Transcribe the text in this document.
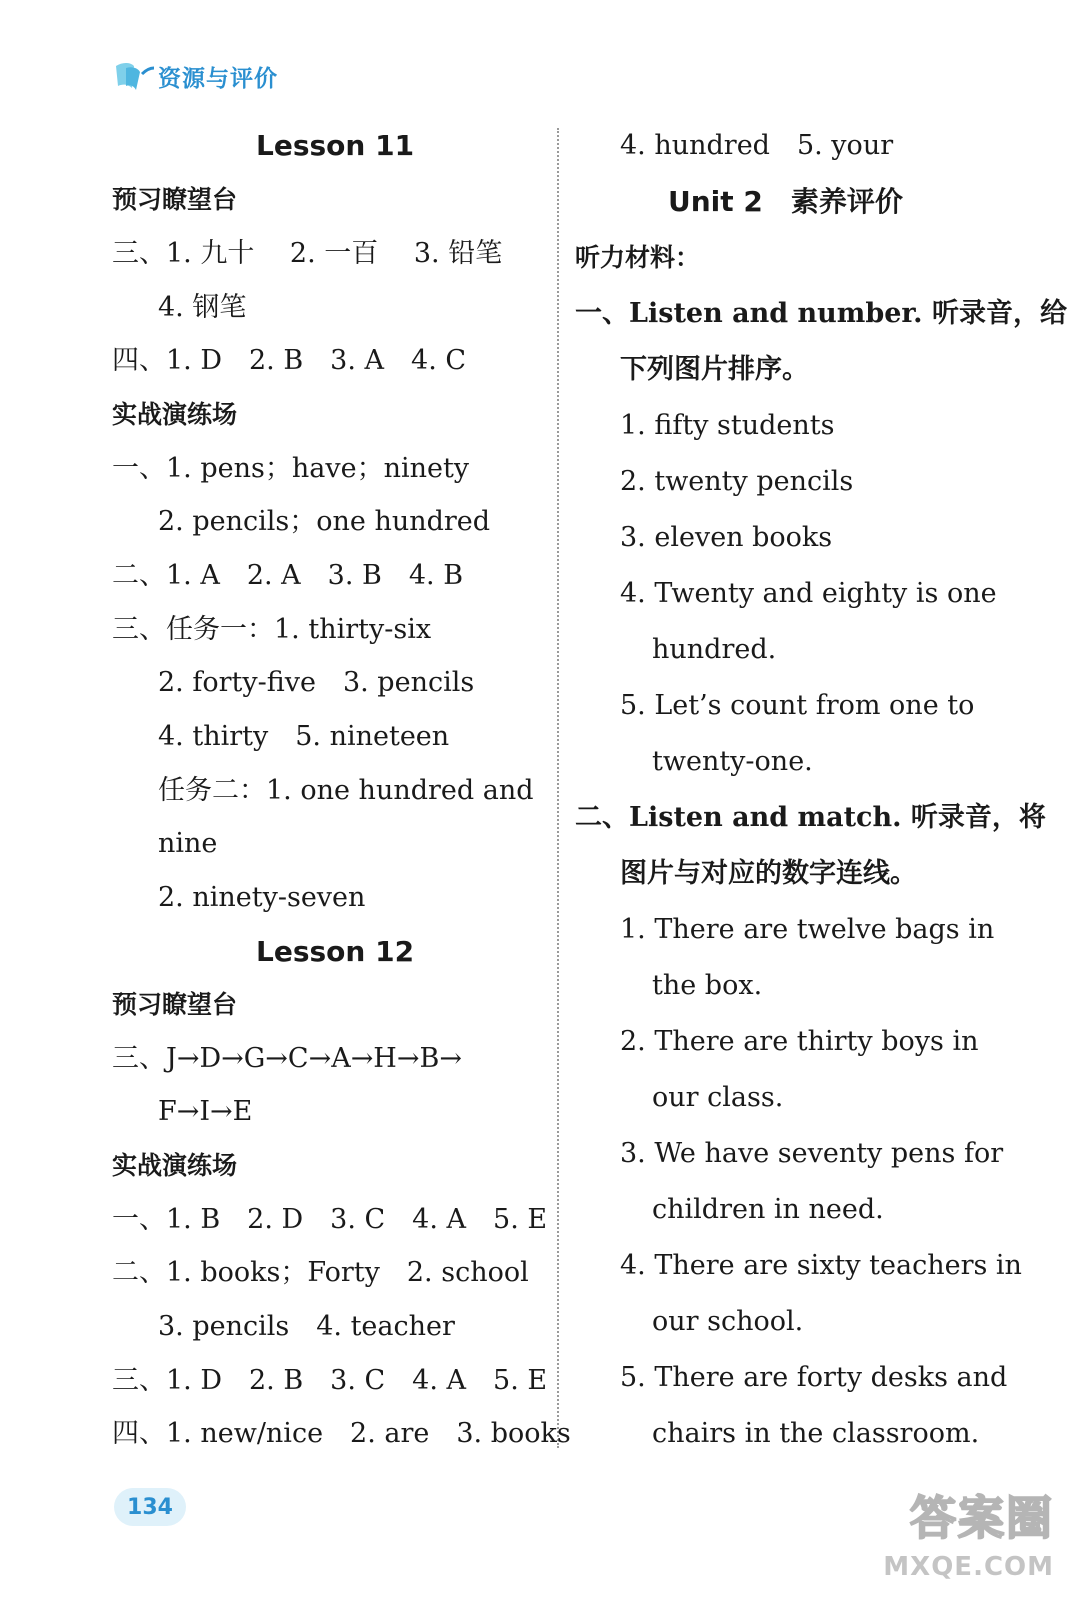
资源与评价
Lesson 11
预习瞭望台
三、1. 九十　 2. 一百　 3. 铅笔
4. 钢笔
四、1. D　2. B　3. A　4. C
实战演练场
一、1. pens；have；ninety
2. pencils；one hundred
二、1. A　2. A　3. B　4. B
三、任务一：1. thirty-six
2. forty-five　3. pencils
4. thirty　5. nineteen
任务二：1. one hundred and
nine
2. ninety-seven
Lesson 12
预习瞭望台
三、J→D→G→C→A→H→B→
F→I→E
实战演练场
一、1. B　2. D　3. C　4. A　5. E
二、1. books；Forty　2. school
3. pencils　4. teacher
三、1. D　2. B　3. C　4. A　5. E
四、1. new/nice　2. are　3. books
4. hundred　5. your
Unit 2　素养评价
听力材料：
一、Listen and number. 听录音，给
下列图片排序。
1. fifty students
2. twenty pencils
3. eleven books
4. Twenty and eighty is one
hundred.
5. Let’s count from one to
twenty-one.
二、Listen and match. 听录音，将
图片与对应的数字连线。
1. There are twelve bags in
the box.
2. There are thirty boys in
our class.
3. We have seventy pens for
children in need.
4. There are sixty teachers in
our school.
5. There are forty desks and
chairs in the classroom.
134	答案圈
MXQE.COM
